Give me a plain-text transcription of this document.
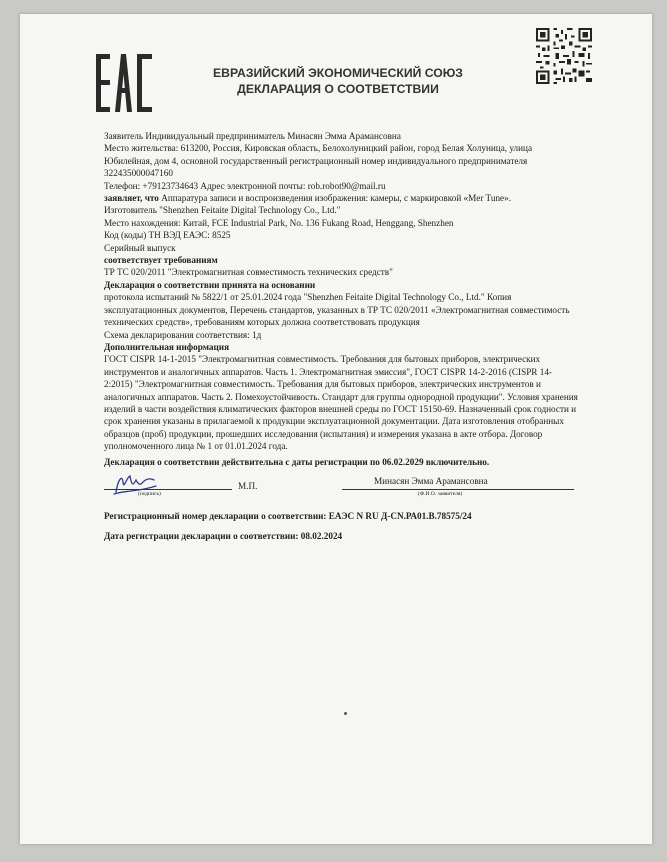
ЕВРАЗИЙСКИЙ ЭКОНОМИЧЕСКИЙ СОЮЗ
ДЕКЛАРАЦИЯ О СООТВЕТСТВИИ

Заявитель Индивидуальный предприниматель Минасян Эмма Арамансовна

Место жительства: 613200, Россия, Кировская область, Белохолуницкий район, город Белая Холуница, улица Юбилейная, дом 4, основной государственный регистрационный номер индивидуального предпринимателя 322435000047160

Телефон: +79123734643 Адрес электронной почты: rob.robot90@mail.ru

заявляет, что Аппаратура записи и воспроизведения изображения: камеры, с маркировкой «Mer Tune».

Изготовитель "Shenzhen Feitaite Digital Technology Co., Ltd."

Место нахождения: Китай, FCE Industrial Park, No. 136 Fukang Road, Henggang, Shenzhen

Код (коды) ТН ВЭД ЕАЭС: 8525

Серийный выпуск

соответствует требованиям

ТР ТС 020/2011 "Электромагнитная совместимость технических средств"

Декларация о соответствии принята на основании

протокола испытаний № 5822/1 от 25.01.2024 года "Shenzhen Feitaite Digital Technology Co., Ltd." Копия эксплуатационных документов, Перечень стандартов, указанных в ТР ТС 020/2011 «Электромагнитная совместимость технических средств», требованиям которых должна соответствовать продукция

Схема декларирования соответствия: 1д

Дополнительная информация

ГОСТ CISPR 14-1-2015 "Электромагнитная совместимость. Требования для бытовых приборов, электрических инструментов и аналогичных аппаратов. Часть 1. Электромагнитная эмиссия", ГОСТ CISPR 14-2-2016 (CISPR 14-2:2015) "Электромагнитная совместимость. Требования для бытовых приборов, электрических инструментов и аналогичных аппаратов. Часть 2. Помехоустойчивость. Стандарт для группы однородной продукции". Условия хранения изделий в части воздействия климатических факторов внешней среды по ГОСТ 15150-69. Назначенный срок годности и срок хранения указаны в прилагаемой к продукции эксплуатационной документации. Дата изготовления отобранных образцов (проб) продукции, прошедших исследования (испытания) и измерения указана в акте отбора. Договор уполномоченного лица № 1 от 01.01.2024 года.

Декларация о соответствии действительна с даты регистрации по 06.02.2029 включительно.

(подпись)
М.П.	Минасян Эмма Арамансовна
(Ф.И.О. заявителя)

Регистрационный номер декларации о соответствии: ЕАЭС N RU Д-CN.РА01.В.78575/24

Дата регистрации декларации о соответствии: 08.02.2024
